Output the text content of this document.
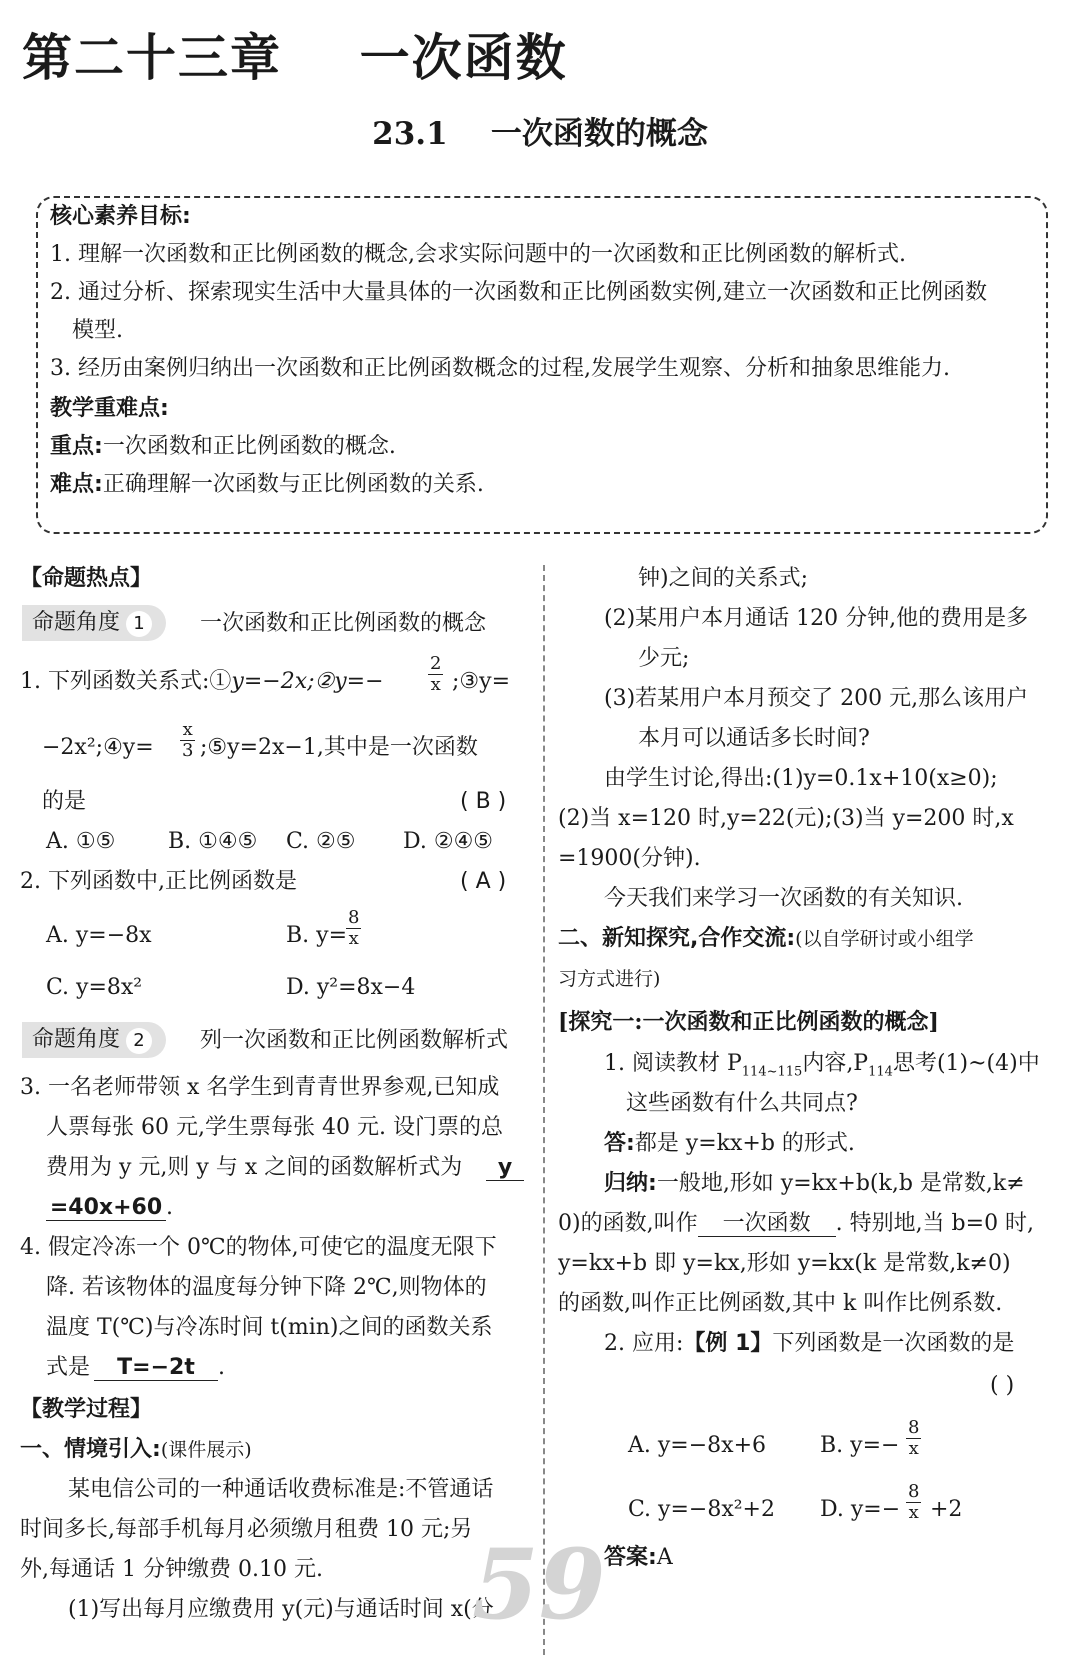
第二十三章    一次函数
23.1    一次函数的概念
核心素养目标:
1. 理解一次函数和正比例函数的概念,会求实际问题中的一次函数和正比例函数的解析式.
2. 通过分析、探索现实生活中大量具体的一次函数和正比例函数实例,建立一次函数和正比例函数
模型.
3. 经历由案例归纳出一次函数和正比例函数概念的过程,发展学生观察、分析和抽象思维能力.
教学重难点:
重点:一次函数和正比例函数的概念.
难点:正确理解一次函数与正比例函数的关系.
【命题热点】
命题角度 1	一次函数和正比例函数的概念
1. 下列函数关系式:①y=−2x;②y=− $\frac{2}{x}$ ;③y=
−2x²;④y= $\frac{x}{3}$ ;⑤y=2x−1,其中是一次函数
的是	( B )
A. ①⑤ B. ①④⑤ C. ②⑤ D. ②④⑤
2. 下列函数中,正比例函数是	( A )
A. y=−8x	B. y=
$\frac{8}{x}$
C. y=8x²	D. y²=8x−4
命题角度 2	列一次函数和正比例函数解析式
3. 一名老师带领 x 名学生到青青世界参观,已知成
人票每张 60 元,学生票每张 40 元. 设门票的总
费用为 y 元,则 y 与 x 之间的函数解析式为	y
=40x+60 .
4. 假定冷冻一个 0℃的物体,可使它的温度无限下
降. 若该物体的温度每分钟下降 2℃,则物体的
温度 T(℃)与冷冻时间 t(min)之间的函数关系
式是 T=−2t .
【教学过程】
一、情境引入:(课件展示)
某电信公司的一种通话收费标准是:不管通话
时间多长,每部手机每月必须缴月租费 10 元;另
外,每通话 1 分钟缴费 0.10 元.
(1)写出每月应缴费用 y(元)与通话时间 x(分
钟)之间的关系式;
(2)某用户本月通话 120 分钟,他的费用是多
少元;
(3)若某用户本月预交了 200 元,那么该用户
本月可以通话多长时间?
由学生讨论,得出:(1)y=0.1x+10(x≥0);
(2)当 x=120 时,y=22(元);(3)当 y=200 时,x
=1900(分钟).
今天我们来学习一次函数的有关知识.
二、新知探究,合作交流:(以自学研讨或小组学
习方式进行)
[探究一:一次函数和正比例函数的概念]
1. 阅读教材 $P_{114\sim 115}$内容$,P_{114}$思考(1)~(4)中
这些函数有什么共同点?
答:都是 y=kx+b 的形式.
归纳:一般地,形如 y=kx+b(k,b 是常数,k≠
0)的函数,叫作 一次函数 . 特别地,当 b=0 时,
y=kx+b 即 y=kx,形如 y=kx(k 是常数,k≠0)
的函数,叫作正比例函数,其中 k 叫作比例系数.
2. 应用:【例 1】下列函数是一次函数的是
( )
A. y=−8x+6 B. $y=- \frac{8}{x}$
C. y=−8x²+2 D. $y=- \frac{8}{x} +2$
答案:A
59
